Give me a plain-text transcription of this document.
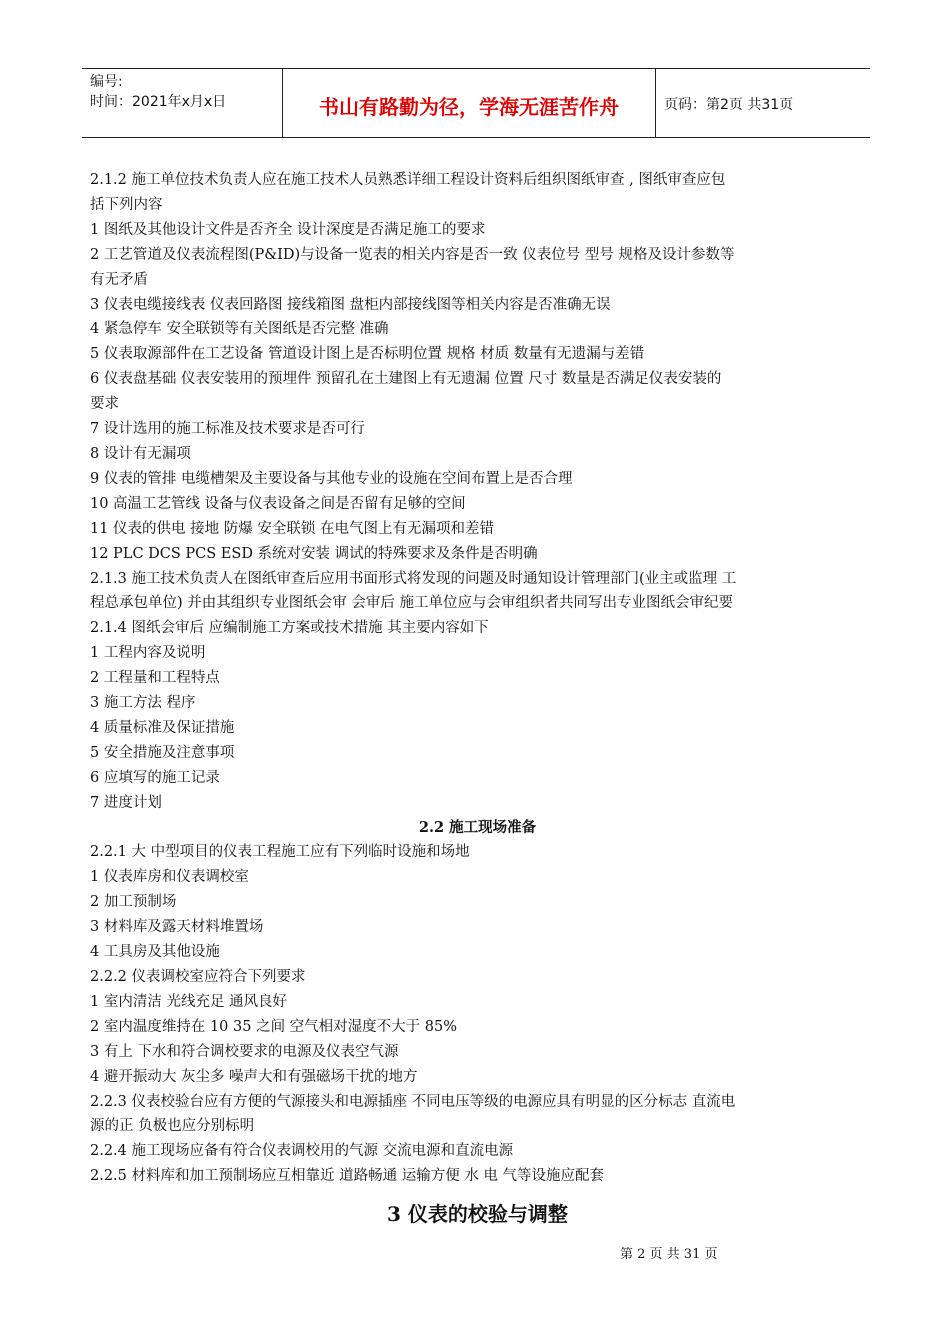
编号:
时间：2021年x月x日	书山有路勤为径，学海无涯苦作舟	页码：第2页 共31页
2.1.2 施工单位技术负责人应在施工技术人员熟悉详细工程设计资料后组织图纸审查 , 图纸审查应包
括下列内容
1 图纸及其他设计文件是否齐全 设计深度是否满足施工的要求
2 工艺管道及仪表流程图(P&ID)与设备一览表的相关内容是否一致 仪表位号 型号 规格及设计参数等
有无矛盾
3 仪表电缆接线表 仪表回路图 接线箱图 盘柜内部接线图等相关内容是否准确无误
4 紧急停车 安全联锁等有关图纸是否完整 准确
5 仪表取源部件在工艺设备 管道设计图上是否标明位置 规格 材质 数量有无遗漏与差错
6 仪表盘基础 仪表安装用的预埋件 预留孔在土建图上有无遗漏 位置 尺寸 数量是否满足仪表安装的
要求
7 设计选用的施工标准及技术要求是否可行
8 设计有无漏项
9 仪表的管排 电缆槽架及主要设备与其他专业的设施在空间布置上是否合理
10 高温工艺管线 设备与仪表设备之间是否留有足够的空间
11 仪表的供电 接地 防爆 安全联锁 在电气图上有无漏项和差错
12 PLC DCS PCS ESD 系统对安装 调试的特殊要求及条件是否明确
2.1.3 施工技术负责人在图纸审查后应用书面形式将发现的问题及时通知设计管理部门(业主或监理 工
程总承包单位) 并由其组织专业图纸会审 会审后 施工单位应与会审组织者共同写出专业图纸会审纪要
2.1.4 图纸会审后 应编制施工方案或技术措施 其主要内容如下
1 工程内容及说明
2 工程量和工程特点
3 施工方法 程序
4 质量标准及保证措施
5 安全措施及注意事项
6 应填写的施工记录
7 进度计划
2.2 施工现场准备
2.2.1 大 中型项目的仪表工程施工应有下列临时设施和场地
1 仪表库房和仪表调校室
2 加工预制场
3 材料库及露天材料堆置场
4 工具房及其他设施
2.2.2 仪表调校室应符合下列要求
1 室内清洁 光线充足 通风良好
2 室内温度维持在 10 35 之间 空气相对湿度不大于 85%
3 有上 下水和符合调校要求的电源及仪表空气源
4 避开振动大 灰尘多 噪声大和有强磁场干扰的地方
2.2.3 仪表校验台应有方便的气源接头和电源插座 不同电压等级的电源应具有明显的区分标志 直流电
源的正 负极也应分别标明
2.2.4 施工现场应备有符合仪表调校用的气源 交流电源和直流电源
2.2.5 材料库和加工预制场应互相靠近 道路畅通 运输方便 水 电 气等设施应配套
3 仪表的校验与调整
第 2 页 共 31 页
